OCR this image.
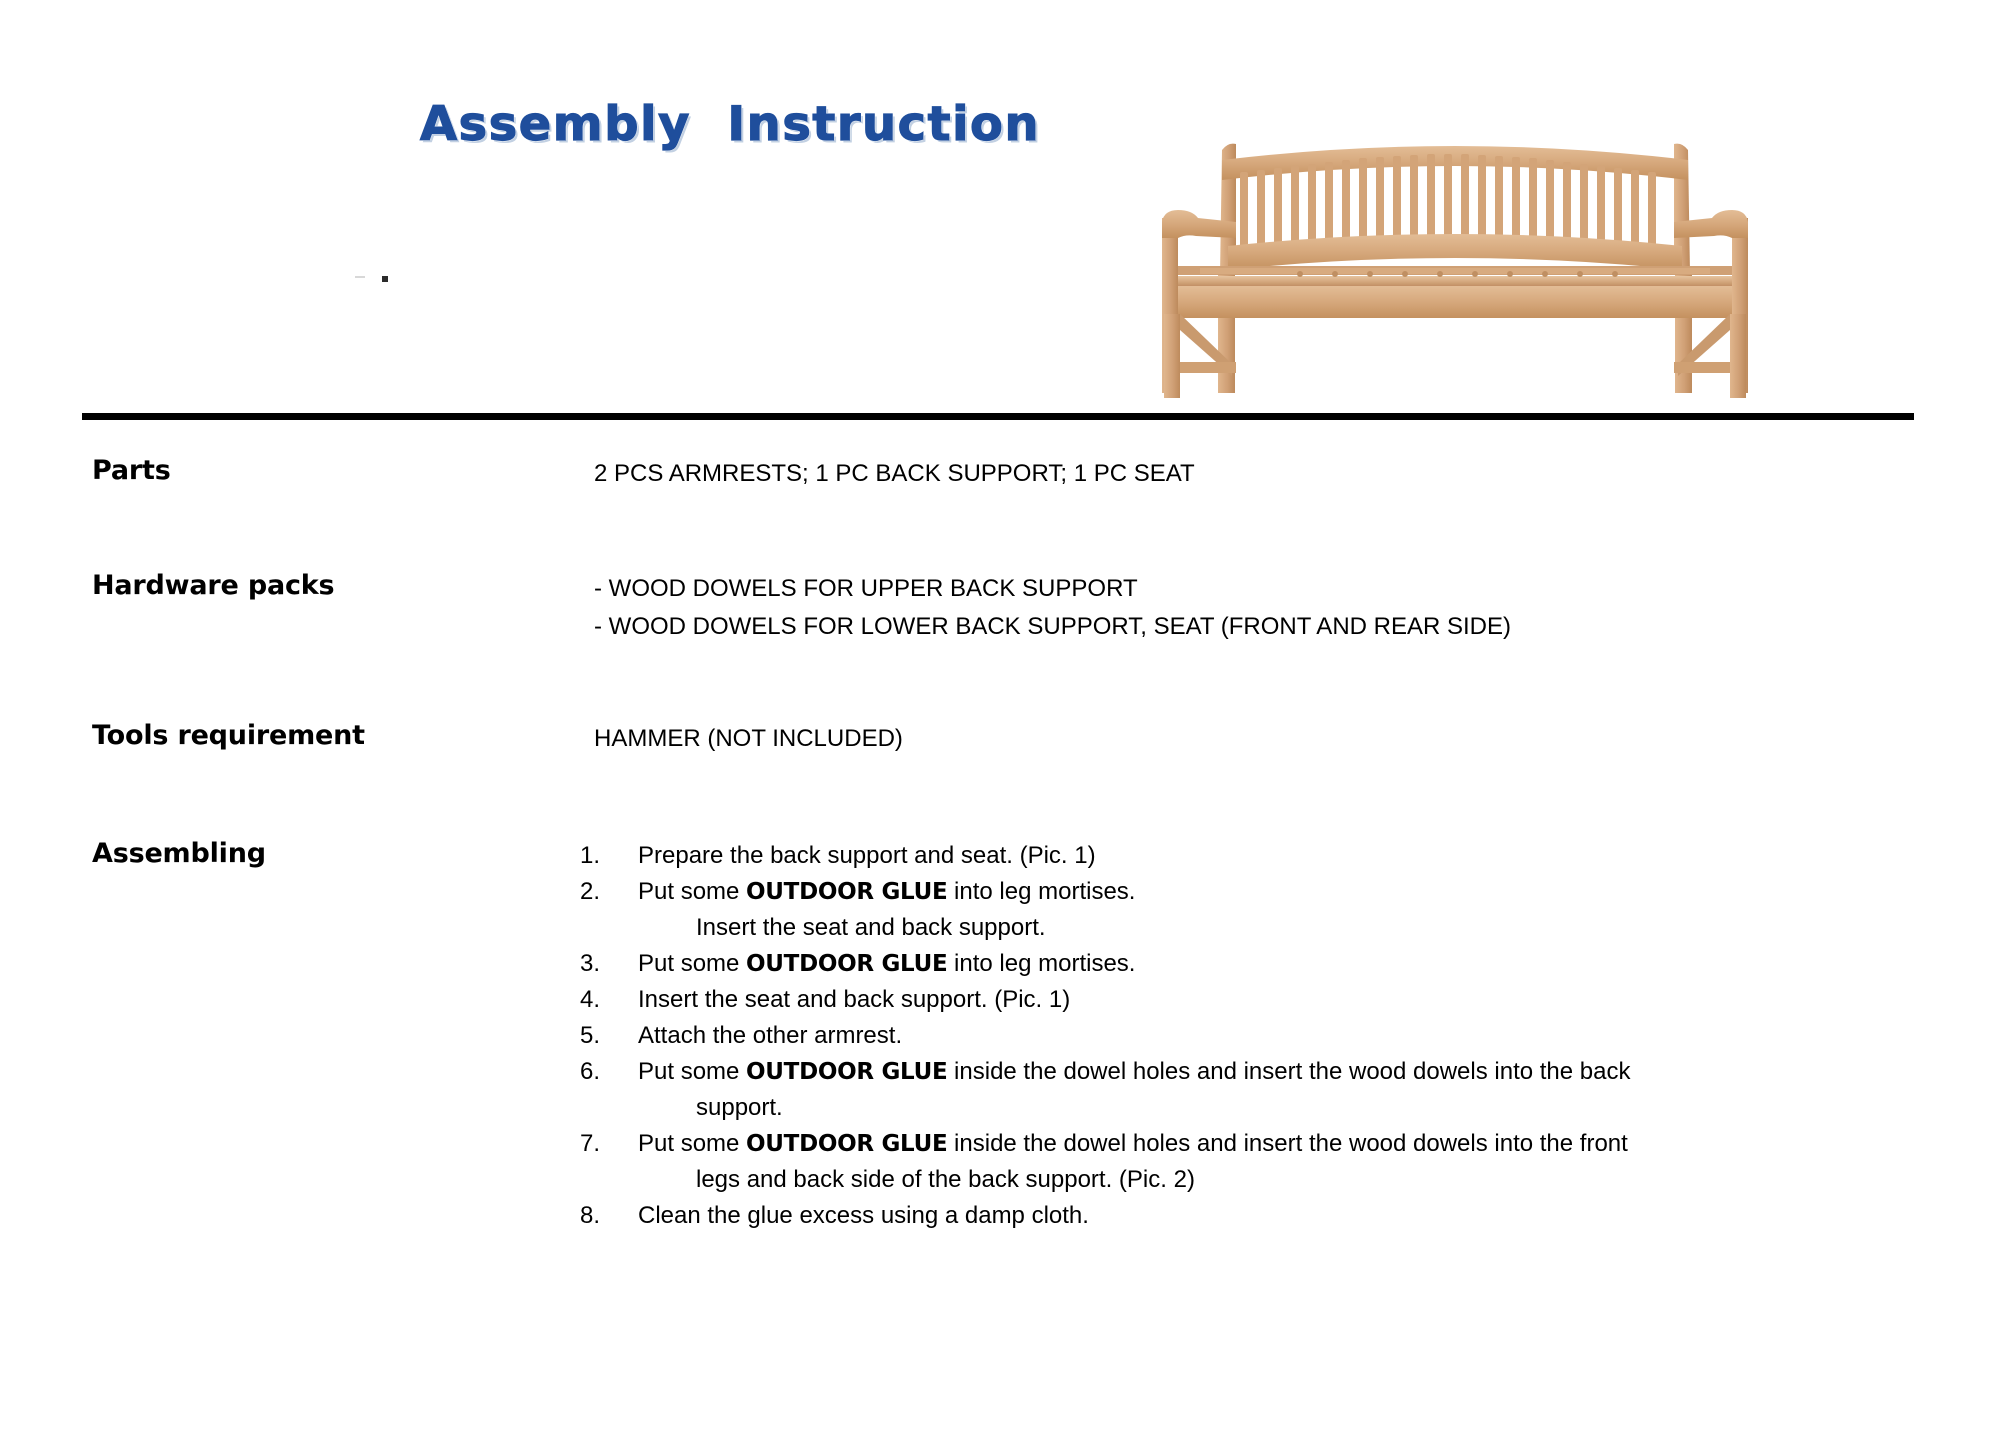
Assembly  Instruction
Parts	2 PCS ARMRESTS; 1 PC BACK SUPPORT; 1 PC SEAT
Hardware packs	- WOOD DOWELS FOR UPPER BACK SUPPORT
- WOOD DOWELS FOR LOWER BACK SUPPORT, SEAT (FRONT AND REAR SIDE)
Tools requirement	HAMMER (NOT INCLUDED)
Assembling	1.	Prepare the back support and seat. (Pic. 1)
2.	Put some OUTDOOR GLUE into leg mortises.
Insert the seat and back support.
3.	Put some OUTDOOR GLUE into leg mortises.
4.	Insert the seat and back support. (Pic. 1)
5.	Attach the other armrest.
6.	Put some OUTDOOR GLUE inside the dowel holes and insert the wood dowels into the back
support.
7.	Put some OUTDOOR GLUE inside the dowel holes and insert the wood dowels into the front
legs and back side of the back support. (Pic. 2)
8.	Clean the glue excess using a damp cloth.
